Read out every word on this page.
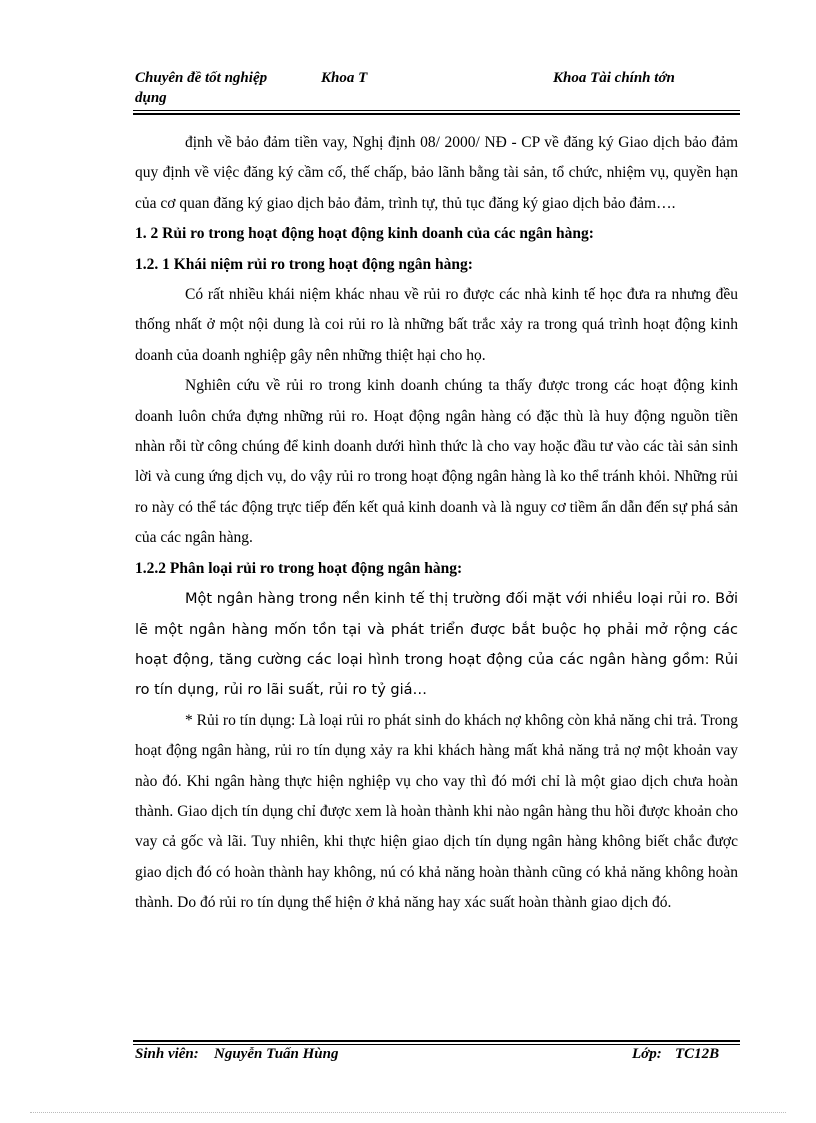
Chuyên đề tốt nghiệp
dụng
Khoa T	Khoa Tài chính tớn

định về bảo đảm tiền vay, Nghị định 08/ 2000/ NĐ - CP về đăng ký Giao dịch bảo đảm quy định về việc đăng ký cầm cố, thế chấp, bảo lãnh bằng tài sản, tổ chức, nhiệm vụ, quyền hạn của cơ quan đăng ký giao dịch bảo đảm, trình tự, thủ tục đăng ký giao dịch bảo đảm….

1. 2 Rủi ro trong hoạt động hoạt động kinh doanh của các ngân hàng:

1.2. 1 Khái niệm rủi ro trong hoạt động ngân hàng:

Có rất nhiều khái niệm khác nhau về rủi ro được các nhà kinh tế học đưa ra nhưng đều thống nhất ở một nội dung là coi rủi ro là những bất trắc xảy ra trong quá trình hoạt động kinh doanh của doanh nghiệp gây nên những thiệt hại cho họ.

Nghiên cứu về rủi ro trong kinh doanh chúng ta thấy được trong các hoạt động kinh doanh luôn chứa đựng những rủi ro. Hoạt động ngân hàng có đặc thù là huy động nguồn tiền nhàn rỗi từ công chúng để kinh doanh dưới hình thức là cho vay hoặc đầu tư vào các tài sản sinh lời và cung ứng dịch vụ, do vậy rủi ro trong hoạt động ngân hàng là ko thể tránh khỏi. Những rủi ro này có thể tác động trực tiếp đến kết quả kinh doanh và là nguy cơ tiềm ẩn dẫn đến sự phá sản của các ngân hàng.

1.2.2 Phân loại rủi ro trong hoạt động ngân hàng:

Một ngân hàng trong nền kinh tế thị trường đối mặt với nhiều loại rủi ro. Bởi lẽ một ngân hàng mốn tồn tại và phát triển được bắt buộc họ phải mở rộng các hoạt động, tăng cường các loại hình trong hoạt động của các ngân hàng gồm: Rủi ro tín dụng, rủi ro lãi suất, rủi ro tỷ giá…

* Rủi ro tín dụng: Là loại rủi ro phát sinh do khách nợ không còn khả năng chi trả. Trong hoạt động ngân hàng, rủi ro tín dụng xảy ra khi khách hàng mất khả năng trả nợ một khoản vay nào đó. Khi ngân hàng thực hiện nghiệp vụ cho vay thì đó mới chỉ là một giao dịch chưa hoàn thành. Giao dịch tín dụng chỉ được xem là hoàn thành khi nào ngân hàng thu hồi được khoản cho vay cả gốc và lãi. Tuy nhiên, khi thực hiện giao dịch tín dụng ngân hàng không biết chắc được giao dịch đó có hoàn thành hay không, nú có khả năng hoàn thành cũng có khả năng không hoàn thành. Do đó rủi ro tín dụng thể hiện ở khả năng hay xác suất hoàn thành giao dịch đó.

Sinh viên: Nguyễn Tuấn Hùng	Lớp: TC12B
